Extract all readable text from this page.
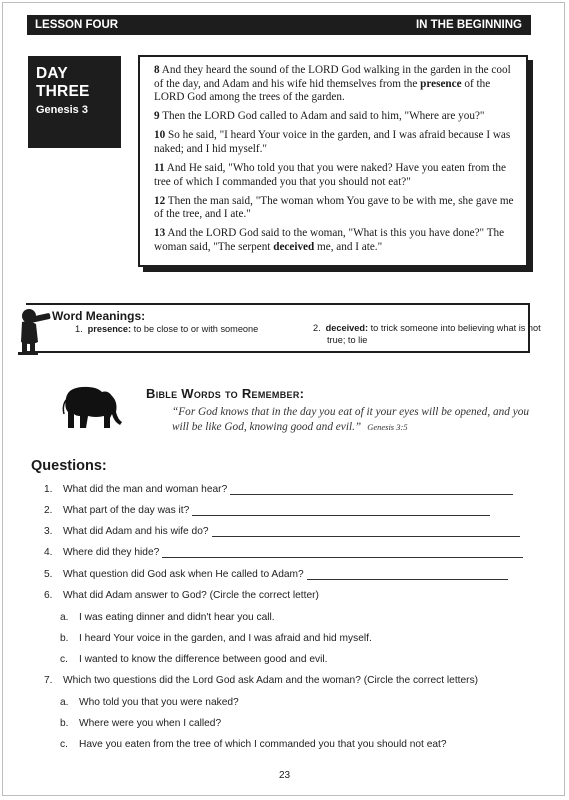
LESSON FOUR	IN THE BEGINNING
DAY THREE
Genesis 3

8 And they heard the sound of the LORD God walking in the garden in the cool of the day, and Adam and his wife hid themselves from the presence of the LORD God among the trees of the garden.

9 Then the LORD God called to Adam and said to him, "Where are you?"

10 So he said, "I heard Your voice in the garden, and I was afraid because I was naked; and I hid myself."

11 And He said, "Who told you that you were naked? Have you eaten from the tree of which I commanded you that you should not eat?"

12 Then the man said, "The woman whom You gave to be with me, she gave me of the tree, and I ate."

13 And the LORD God said to the woman, "What is this you have done?" The woman said, "The serpent deceived me, and I ate."

Word Meanings:
1. presence: to be close to or with someone	2. deceived: to trick someone into believing what is not true; to lie
Bible Words to Remember:
“For God knows that in the day you eat of it your eyes will be opened, and you will be like God, knowing good and evil.” Genesis 3:5
Questions:
1.	What did the man and woman hear?
2.	What part of the day was it?
3.	What did Adam and his wife do?
4.	Where did they hide?
5.	What question did God ask when He called to Adam?
6.	What did Adam answer to God? (Circle the correct letter)
a.	I was eating dinner and didn't hear you call.
b.	I heard Your voice in the garden, and I was afraid and hid myself.
c.	I wanted to know the difference between good and evil.
7.	Which two questions did the Lord God ask Adam and the woman? (Circle the correct letters)
a.	Who told you that you were naked?
b.	Where were you when I called?
c.	Have you eaten from the tree of which I commanded you that you should not eat?
23
